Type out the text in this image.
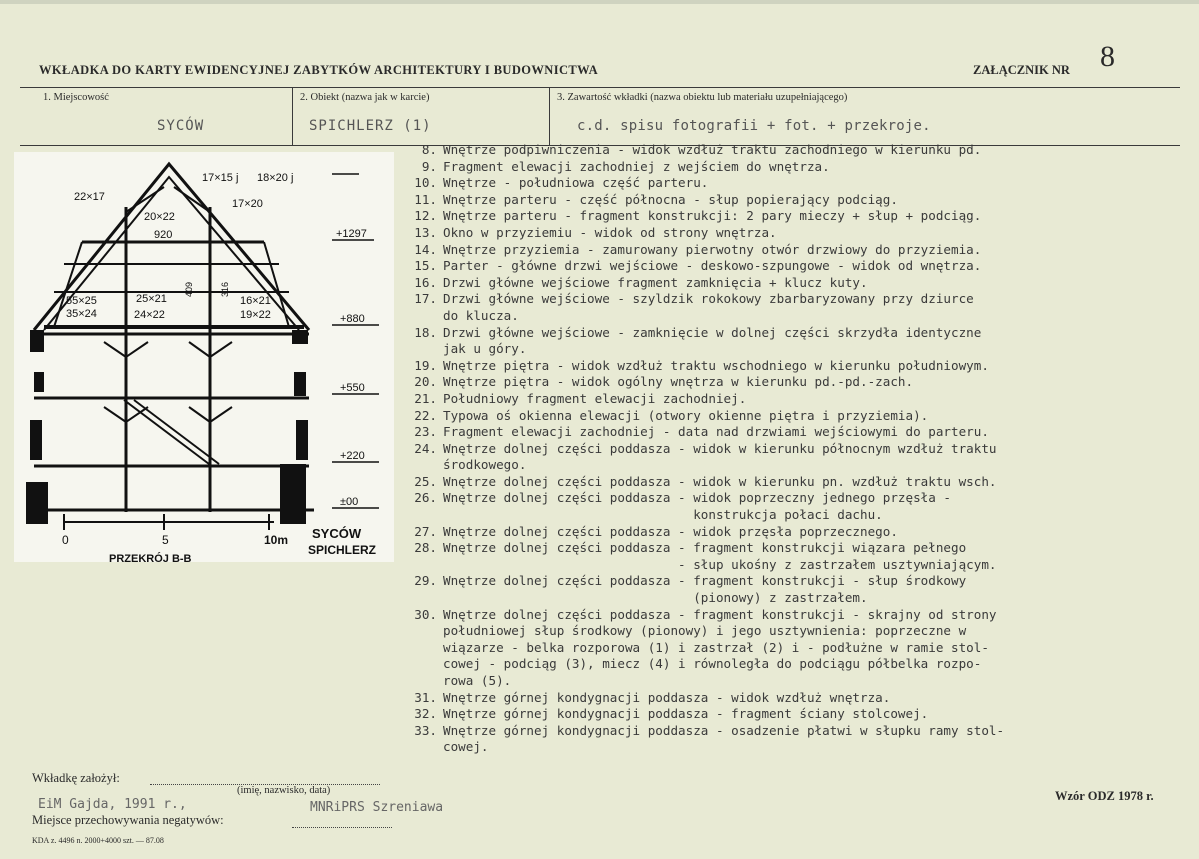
WKŁADKA DO KARTY EWIDENCYJNEJ ZABYTKÓW ARCHITEKTURY I BUDOWNICTWA	ZAŁĄCZNIK NR 8
1. Miejscowość
SYCÓW
2. Obiekt (nazwa jak w karcie)
SPICHLERZ (1)
3. Zawartość wkładki (nazwa obiektu lub materiału uzupełniającego)
c.d. spisu fotografii + fot. + przekroje.
17×15 j 18×20 j
22×17
17×20
20×22
920
55×25
35×24
25×21
24×22
16×21
19×22
409	316
+1297
+880
+550
+220
±00
0	5	10m
PRZEKRÓJ B-B
SYCÓW
SPICHLERZ
8. Wnętrze podpiwniczenia - widok wzdłuż traktu zachodniego w kierunku pd.
9. Fragment elewacji zachodniej z wejściem do wnętrza.
10. Wnętrze - południowa część parteru.
11. Wnętrze parteru - część północna - słup popierający podciąg.
12. Wnętrze parteru - fragment konstrukcji: 2 pary mieczy + słup + podciąg.
13. Okno w przyziemiu - widok od strony wnętrza.
14. Wnętrze przyziemia - zamurowany pierwotny otwór drzwiowy do przyziemia.
15. Parter - główne drzwi wejściowe - deskowo-szpungowe - widok od wnętrza.
16. Drzwi główne wejściowe fragment zamknięcia + klucz kuty.
17. Drzwi główne wejściowe - szyldzik rokokowy zbarbaryzowany przy dziurce
do klucza.
18. Drzwi główne wejściowe - zamknięcie w dolnej części skrzydła identyczne
jak u góry.
19. Wnętrze piętra - widok wzdłuż traktu wschodniego w kierunku południowym.
20. Wnętrze piętra - widok ogólny wnętrza w kierunku pd.-pd.-zach.
21. Południowy fragment elewacji zachodniej.
22. Typowa oś okienna elewacji (otwory okienne piętra i przyziemia).
23. Fragment elewacji zachodniej - data nad drzwiami wejściowymi do parteru.
24. Wnętrze dolnej części poddasza - widok w kierunku północnym wzdłuż traktu
środkowego.
25. Wnętrze dolnej części poddasza - widok w kierunku pn. wzdłuż traktu wsch.
26. Wnętrze dolnej części poddasza - widok poprzeczny jednego przęsła -
konstrukcja połaci dachu.
27. Wnętrze dolnej części poddasza - widok przęsła poprzecznego.
28. Wnętrze dolnej części poddasza - fragment konstrukcji wiązara pełnego
- słup ukośny z zastrzałem usztywniającym.
29. Wnętrze dolnej części poddasza - fragment konstrukcji - słup środkowy
(pionowy) z zastrzałem.
30. Wnętrze dolnej części poddasza - fragment konstrukcji - skrajny od strony
południowej słup środkowy (pionowy) i jego usztywnienia: poprzeczne w
wiązarze - belka rozporowa (1) i zastrzał (2) i - podłużne w ramie stol-
cowej - podciąg (3), miecz (4) i równoległa do podciągu półbelka rozpo-
rowa (5).
31. Wnętrze górnej kondygnacji poddasza - widok wzdłuż wnętrza.
32. Wnętrze górnej kondygnacji poddasza - fragment ściany stolcowej.
33. Wnętrze górnej kondygnacji poddasza - osadzenie płatwi w słupku ramy stol-
cowej.
Wkładkę założył:
(imię, nazwisko, data)
EiM Gajda, 1991 r.,
Miejsce przechowywania negatywów:
MNRiPRS Szreniawa
Wzór ODZ 1978 r.
KDA z. 4496 n. 2000+4000 szt. — 87.08
